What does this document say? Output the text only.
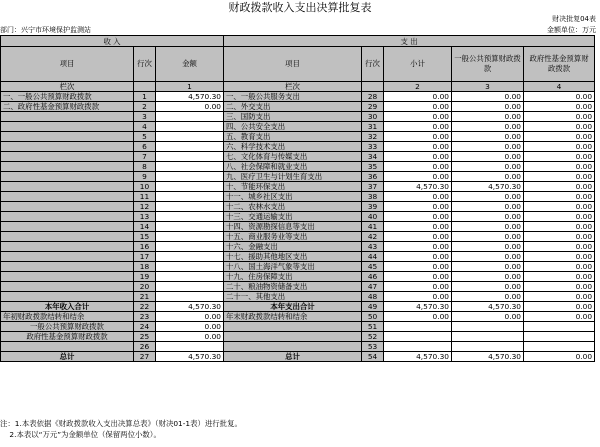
财政拨款收入支出决算批复表
财决批复04表
部门：兴宁市环境保护监测站	金额单位：万元
收 入			支 出				
项目	行次	金额	项目	行次	小计	一般公共预算财政拨款	政府性基金预算财政拨款
栏次		1	栏次		2	3	4
一、一般公共预算财政拨款	1	4,570.30	一、一般公共服务支出	28	0.00	0.00	0.00
二、政府性基金预算财政拨款	2	0.00	二、外交支出	29	0.00	0.00	0.00
	3		三、国防支出	30	0.00	0.00	0.00
	4		四、公共安全支出	31	0.00	0.00	0.00
	5		五、教育支出	32	0.00	0.00	0.00
	6		六、科学技术支出	33	0.00	0.00	0.00
	7		七、文化体育与传媒支出	34	0.00	0.00	0.00
	8		八、社会保障和就业支出	35	0.00	0.00	0.00
	9		九、医疗卫生与计划生育支出	36	0.00	0.00	0.00
	10		十、节能环保支出	37	4,570.30	4,570.30	0.00
	11		十一、城乡社区支出	38	0.00	0.00	0.00
	12		十二、农林水支出	39	0.00	0.00	0.00
	13		十三、交通运输支出	40	0.00	0.00	0.00
	14		十四、资源勘探信息等支出	41	0.00	0.00	0.00
	15		十五、商业服务业等支出	42	0.00	0.00	0.00
	16		十六、金融支出	43	0.00	0.00	0.00
	17		十七、援助其他地区支出	44	0.00	0.00	0.00
	18		十八、国土海洋气象等支出	45	0.00	0.00	0.00
	19		十九、住房保障支出	46	0.00	0.00	0.00
	20		二十、粮油物资储备支出	47	0.00	0.00	0.00
	21		二十一、其他支出	48	0.00	0.00	0.00
本年收入合计	22	4,570.30	本年支出合计	49	4,570.30	4,570.30	0.00
年初财政拨款结转和结余	23	0.00	年末财政拨款结转和结余	50	0.00	0.00	0.00
一般公共预算财政拨款	24	0.00		51			
政府性基金预算财政拨款	25	0.00		52			
	26			53			
总计	27	4,570.30	总计	54	4,570.30	4,570.30	0.00
注：1.本表依据《财政拨款收入支出决算总表》（财决01-1表）进行批复。
2.本表以“万元”为金额单位（保留两位小数）。
